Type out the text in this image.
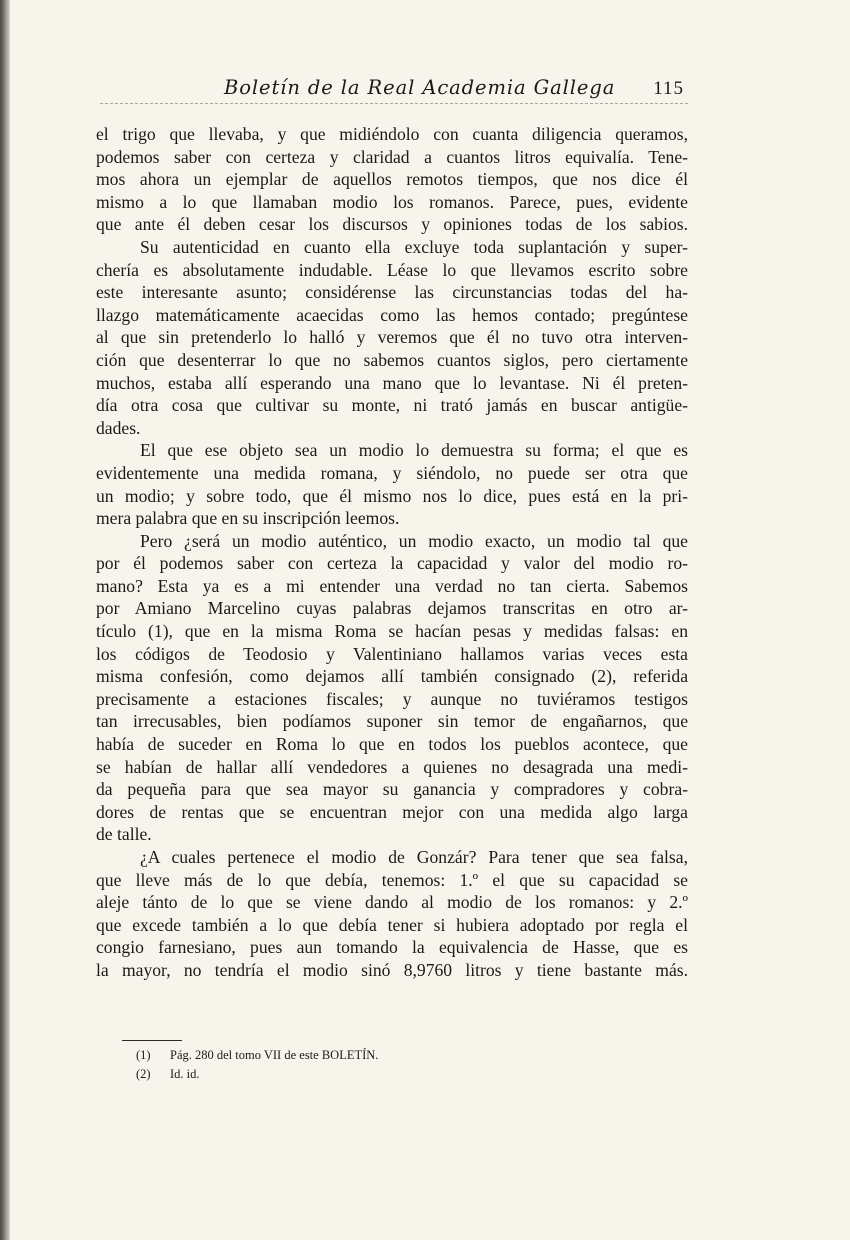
Boletín de la Real Academia Gallega 115
el trigo que llevaba, y que midiéndolo con cuanta diligencia queramos,
podemos saber con certeza y claridad a cuantos litros equivalía. Tene-
mos ahora un ejemplar de aquellos remotos tiempos, que nos dice él
mismo a lo que llamaban modio los romanos. Parece, pues, evidente
que ante él deben cesar los discursos y opiniones todas de los sabios.
Su autenticidad en cuanto ella excluye toda suplantación y super-
chería es absolutamente indudable. Léase lo que llevamos escrito sobre
este interesante asunto; considérense las circunstancias todas del ha-
llazgo matemáticamente acaecidas como las hemos contado; pregúntese
al que sin pretenderlo lo halló y veremos que él no tuvo otra interven-
ción que desenterrar lo que no sabemos cuantos siglos, pero ciertamente
muchos, estaba allí esperando una mano que lo levantase. Ni él preten-
día otra cosa que cultivar su monte, ni trató jamás en buscar antigüe-
dades.
El que ese objeto sea un modio lo demuestra su forma; el que es
evidentemente una medida romana, y siéndolo, no puede ser otra que
un modio; y sobre todo, que él mismo nos lo dice, pues está en la pri-
mera palabra que en su inscripción leemos.
Pero ¿será un modio auténtico, un modio exacto, un modio tal que
por él podemos saber con certeza la capacidad y valor del modio ro-
mano? Esta ya es a mi entender una verdad no tan cierta. Sabemos
por Amiano Marcelino cuyas palabras dejamos transcritas en otro ar-
tículo (1), que en la misma Roma se hacían pesas y medidas falsas: en
los códigos de Teodosio y Valentiniano hallamos varias veces esta
misma confesión, como dejamos allí también consignado (2), referida
precisamente a estaciones fiscales; y aunque no tuviéramos testigos
tan irrecusables, bien podíamos suponer sin temor de engañarnos, que
había de suceder en Roma lo que en todos los pueblos acontece, que
se habían de hallar allí vendedores a quienes no desagrada una medi-
da pequeña para que sea mayor su ganancia y compradores y cobra-
dores de rentas que se encuentran mejor con una medida algo larga
de talle.
¿A cuales pertenece el modio de Gonzár? Para tener que sea falsa,
que lleve más de lo que debía, tenemos: 1.º el que su capacidad se
aleje tánto de lo que se viene dando al modio de los romanos: y 2.º
que excede también a lo que debía tener si hubiera adoptado por regla el
congio farnesiano, pues aun tomando la equivalencia de Hasse, que es
la mayor, no tendría el modio sinó 8,9760 litros y tiene bastante más.
(1) Pág. 280 del tomo VII de este BOLETÍN.
(2) Id. id.
